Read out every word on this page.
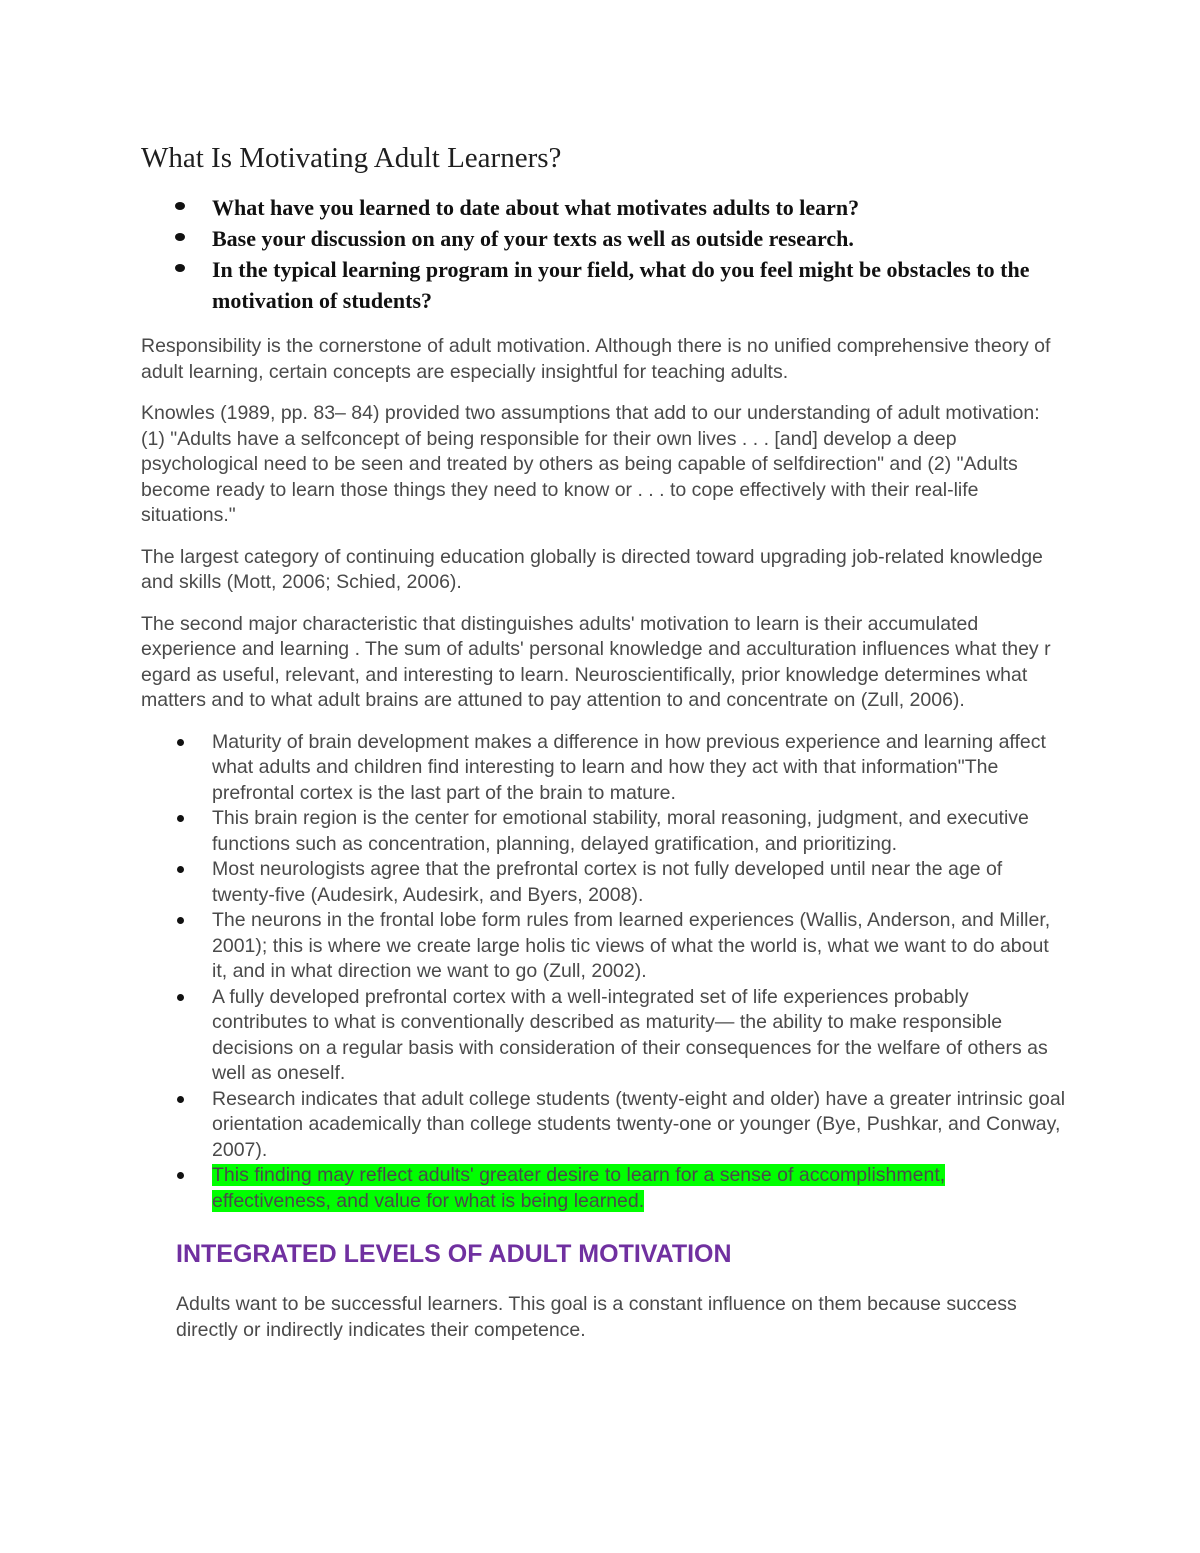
What Is Motivating Adult Learners?
What have you learned to date about what motivates adults to learn?
Base your discussion on any of your texts as well as outside research.
In the typical learning program in your field, what do you feel might be obstacles to the motivation of students?

Responsibility is the cornerstone of adult motivation. Although there is no unified comprehensive theory of adult learning, certain concepts are especially insightful for teaching adults.

Knowles (1989, pp. 83– 84) provided two assumptions that add to our understanding of adult motivation: (1) "Adults have a selfconcept of being responsible for their own lives . . . [and] develop a deep psychological need to be seen and treated by others as being capable of selfdirection" and (2) "Adults become ready to learn those things they need to know or . . . to cope effectively with their real-life situations."

The largest category of continuing education globally is directed toward upgrading job-related knowledge and skills (Mott, 2006; Schied, 2006).

The second major characteristic that distinguishes adults' motivation to learn is their accumulated experience and learning . The sum of adults' personal knowledge and acculturation influences what they r egard as useful, relevant, and interesting to learn. Neuroscientifically, prior knowledge determines what matters and to what adult brains are attuned to pay attention to and concentrate on (Zull, 2006).

Maturity of brain development makes a difference in how previous experience and learning affect what adults and children find interesting to learn and how they act with that information"The prefrontal cortex is the last part of the brain to mature.
This brain region is the center for emotional stability, moral reasoning, judgment, and executive functions such as concentration, planning, delayed gratification, and prioritizing.
Most neurologists agree that the prefrontal cortex is not fully developed until near the age of twenty-five (Audesirk, Audesirk, and Byers, 2008).
The neurons in the frontal lobe form rules from learned experiences (Wallis, Anderson, and Miller, 2001); this is where we create large holis tic views of what the world is, what we want to do about it, and in what direction we want to go (Zull, 2002).
A fully developed prefrontal cortex with a well-integrated set of life experiences probably contributes to what is conventionally described as maturity— the ability to make responsible decisions on a regular basis with consideration of their consequences for the welfare of others as well as oneself.
Research indicates that adult college students (twenty-eight and older) have a greater intrinsic goal orientation academically than college students twenty-one or younger (Bye, Pushkar, and Conway, 2007).
This finding may reflect adults' greater desire to learn for a sense of accomplishment, effectiveness, and value for what is being learned.
INTEGRATED LEVELS OF ADULT MOTIVATION

Adults want to be successful learners. This goal is a constant influence on them because success directly or indirectly indicates their competence.
